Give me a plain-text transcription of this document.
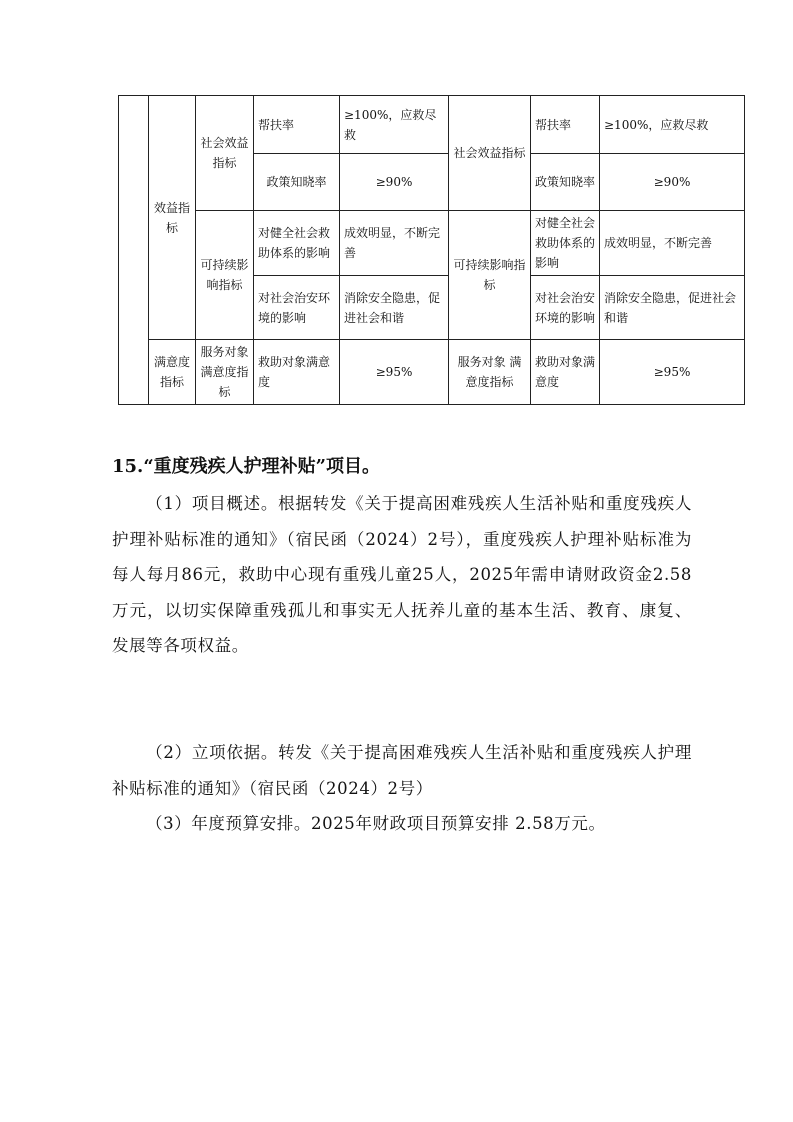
	效益指标	社会效益指标	帮扶率	≥100%，应救尽救	社会效益指标	帮扶率	≥100%，应救尽救
			政策知晓率	≥90%		政策知晓率	≥90%
		可持续影响指标	对健全社会救助体系的影响	成效明显，不断完善	可持续影响指标	对健全社会救助体系的影响	成效明显，不断完善
			对社会治安环境的影响	消除安全隐患，促进社会和谐		对社会治安环境的影响	消除安全隐患，促进社会和谐
	满意度指标	服务对象满意度指标	救助对象满意度	≥95%	服务对象 满意度指标	救助对象满意度	≥95%
15.“重度残疾人护理补贴”项目。
（1）项目概述。根据转发《关于提高困难残疾人生活补贴和重度残疾人护理补贴标准的通知》（宿民函（2024）2号），重度残疾人护理补贴标准为每人每月86元，救助中心现有重残儿童25人，2025年需申请财政资金2.58万元，以切实保障重残孤儿和事实无人抚养儿童的基本生活、教育、康复、发展等各项权益。
（2）立项依据。转发《关于提高困难残疾人生活补贴和重度残疾人护理补贴标准的通知》（宿民函（2024）2号）
（3）年度预算安排。2025年财政项目预算安排 2.58万元。
